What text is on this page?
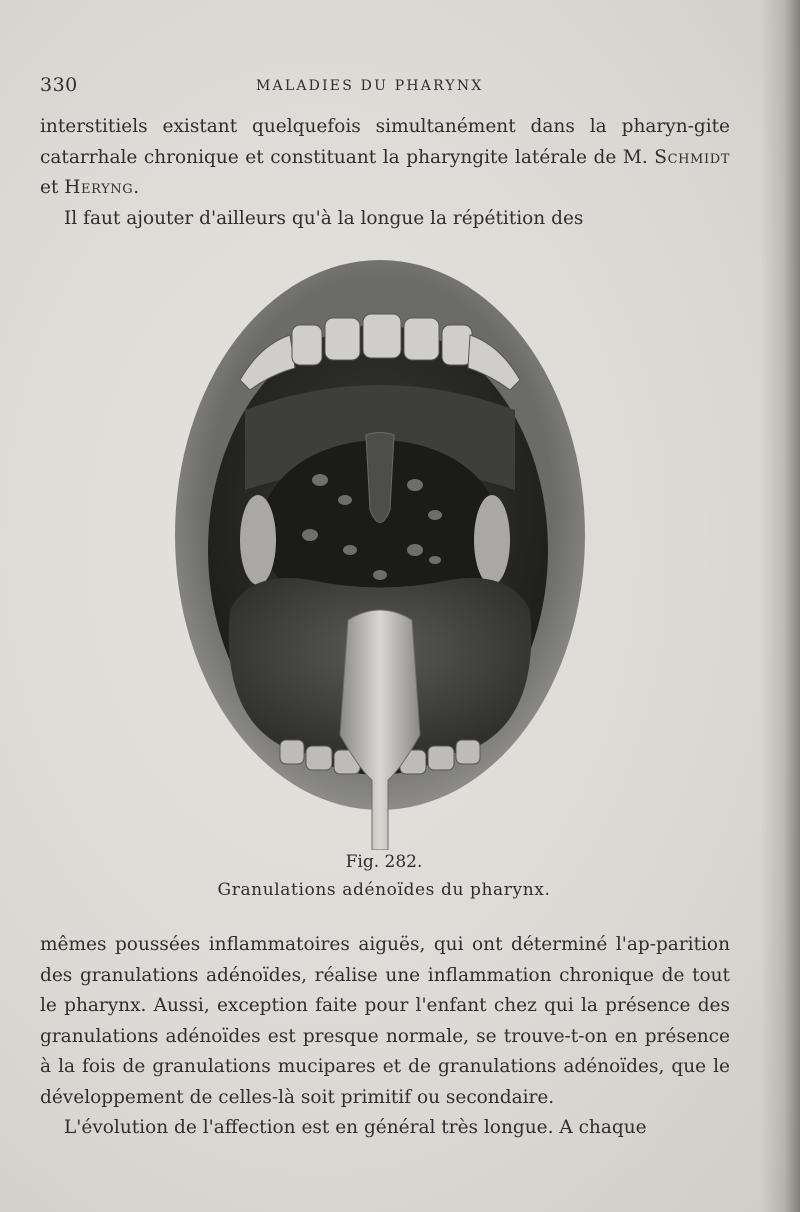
330	MALADIES DU PHARYNX

interstitiels existant quelquefois simultanément dans la pharyn-gite catarrhale chronique et constituant la pharyngite latérale de M. Schmidt et Heryng.

Il faut ajouter d'ailleurs qu'à la longue la répétition des

Fig. 282.
Granulations adénoïdes du pharynx.

mêmes poussées inflammatoires aiguës, qui ont déterminé l'ap-parition des granulations adénoïdes, réalise une inflammation chronique de tout le pharynx. Aussi, exception faite pour l'enfant chez qui la présence des granulations adénoïdes est presque normale, se trouve-t-on en présence à la fois de granulations mucipares et de granulations adénoïdes, que le développement de celles-là soit primitif ou secondaire.

L'évolution de l'affection est en général très longue. A chaque
